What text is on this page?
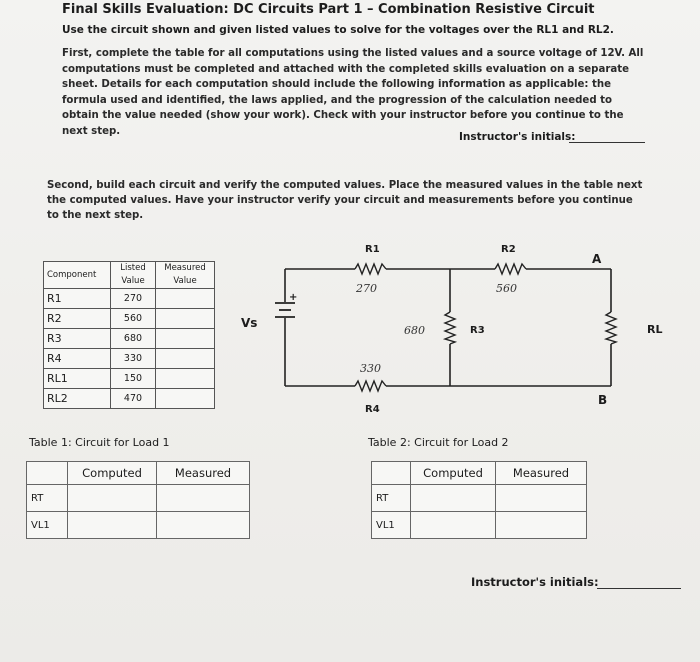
Final Skills Evaluation: DC Circuits Part 1 – Combination Resistive Circuit
Use the circuit shown and given listed values to solve for the voltages over the RL1 and RL2.

First, complete the table for all computations using the listed values and a source voltage of 12V. All computations must be completed and attached with the completed skills evaluation on a separate sheet. Details for each computation should include the following information as applicable: the formula used and identified, the laws applied, and the progression of the calculation needed to obtain the value needed (show your work). Check with your instructor before you continue to the next step.	Instructor's initials:
Second, build each circuit and verify the computed values. Place the measured values in the table next the computed values. Have your instructor verify your circuit and measurements before you continue to the next step.
Component	Listed Value	Measured Value
R1	270	
R2	560	
R3	680	
R4	330	
RL1	150	
RL2	470	
+
Vs
R1
270
R2
560
R3
680
R4
330
RL
A
B
Table 1: Circuit for Load 1
	Computed	Measured
RT		
VL1		
Table 2: Circuit for Load 2
	Computed	Measured
RT		
VL1		
Instructor's initials:
